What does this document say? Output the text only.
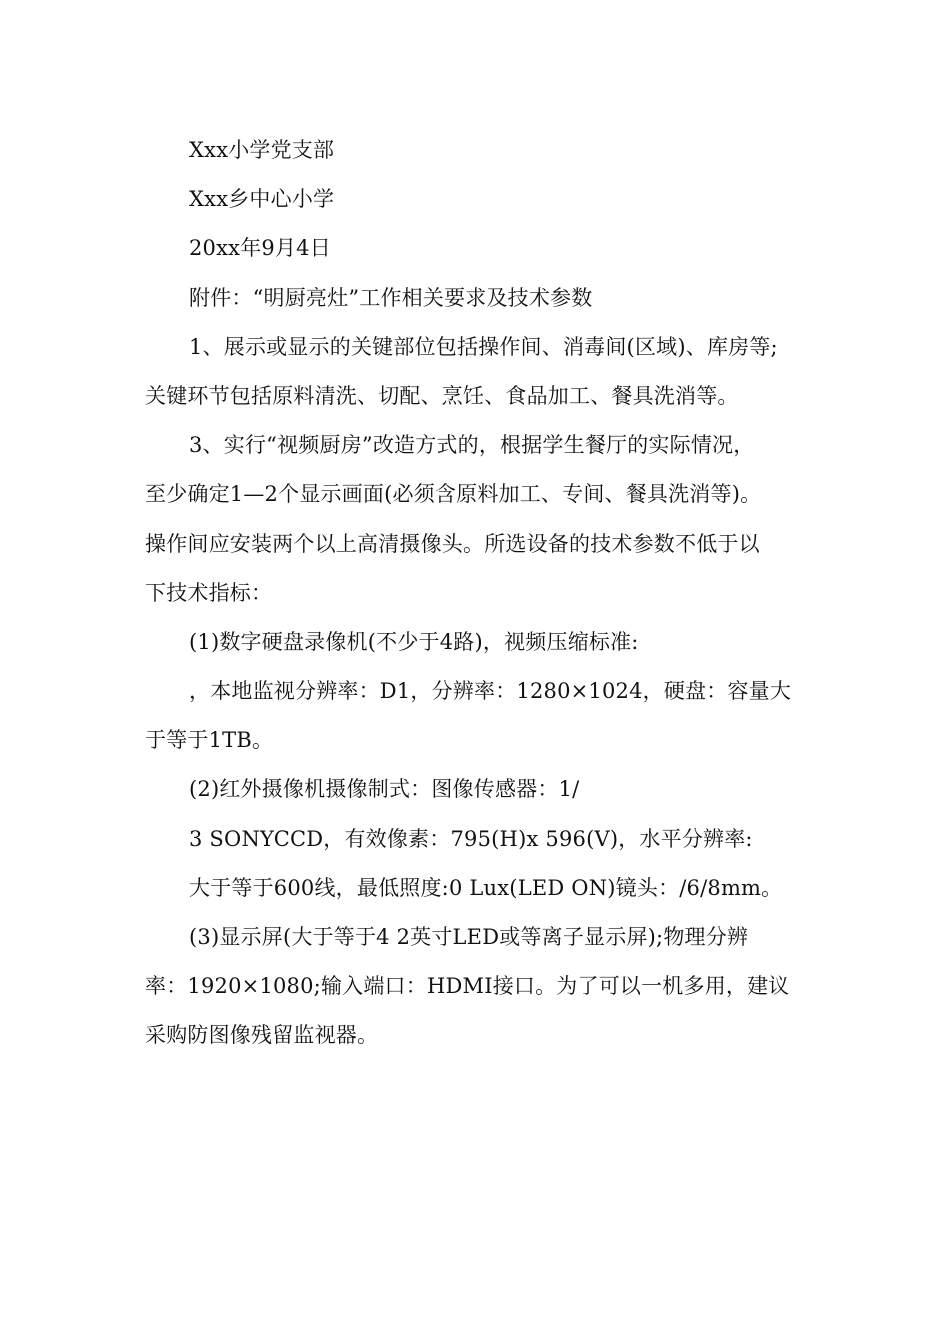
Xxx小学党支部
Xxx乡中心小学
20xx年9月4日
附件：“明厨亮灶”工作相关要求及技术参数
1、展示或显示的关键部位包括操作间、消毒间(区域)、库房等;
关键环节包括原料清洗、切配、烹饪、食品加工、餐具洗消等。
3、实行“视频厨房”改造方式的，根据学生餐厅的实际情况，
至少确定1—2个显示画面(必须含原料加工、专间、餐具洗消等)。
操作间应安装两个以上高清摄像头。所选设备的技术参数不低于以
下技术指标：
(1)数字硬盘录像机(不少于4路)，视频压缩标准:
，本地监视分辨率：D1，分辨率：1280×1024，硬盘：容量大
于等于1TB。
(2)红外摄像机摄像制式：图像传感器：1/
3 SONYCCD，有效像素：795(H)x 596(V)，水平分辨率:
大于等于600线，最低照度:0 Lux(LED ON)镜头：/6/8mm。
(3)显示屏(大于等于4 2英寸LED或等离子显示屏);物理分辨
率：1920×1080;输入端口：HDMI接口。为了可以一机多用，建议
采购防图像残留监视器。
